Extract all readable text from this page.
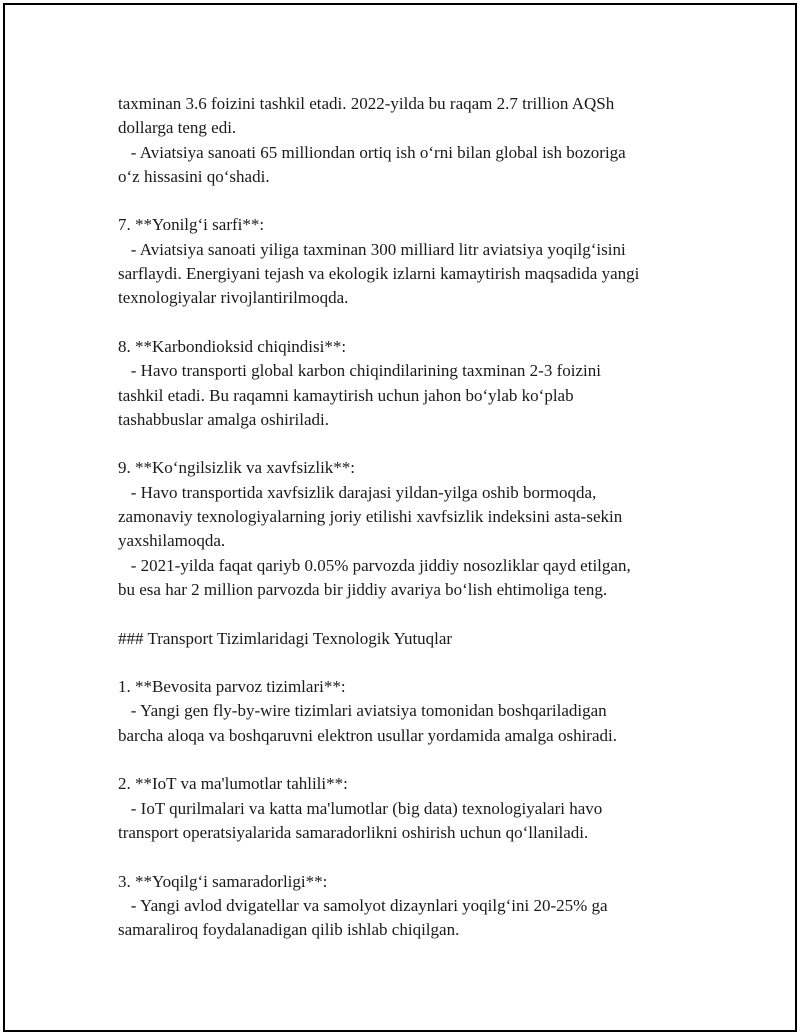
taxminan 3.6 foizini tashkil etadi. 2022-yilda bu raqam 2.7 trillion AQSh

dollarga teng edi.

- Aviatsiya sanoati 65 milliondan ortiq ish oʻrni bilan global ish bozoriga

oʻz hissasini qoʻshadi.

7. **Yonilgʻi sarfi**:

- Aviatsiya sanoati yiliga taxminan 300 milliard litr aviatsiya yoqilgʻisini

sarflaydi. Energiyani tejash va ekologik izlarni kamaytirish maqsadida yangi

texnologiyalar rivojlantirilmoqda.

8. **Karbondioksid chiqindisi**:

- Havo transporti global karbon chiqindilarining taxminan 2-3 foizini

tashkil etadi. Bu raqamni kamaytirish uchun jahon boʻylab koʻplab

tashabbuslar amalga oshiriladi.

9. **Koʻngilsizlik va xavfsizlik**:

- Havo transportida xavfsizlik darajasi yildan-yilga oshib bormoqda,

zamonaviy texnologiyalarning joriy etilishi xavfsizlik indeksini asta-sekin

yaxshilamoqda.

- 2021-yilda faqat qariyb 0.05% parvozda jiddiy nosozliklar qayd etilgan,

bu esa har 2 million parvozda bir jiddiy avariya boʻlish ehtimoliga teng.

### Transport Tizimlaridagi Texnologik Yutuqlar

1. **Bevosita parvoz tizimlari**:

- Yangi gen fly-by-wire tizimlari aviatsiya tomonidan boshqariladigan

barcha aloqa va boshqaruvni elektron usullar yordamida amalga oshiradi.

2. **IoT va ma'lumotlar tahlili**:

- IoT qurilmalari va katta ma'lumotlar (big data) texnologiyalari havo

transport operatsiyalarida samaradorlikni oshirish uchun qoʻllaniladi.

3. **Yoqilgʻi samaradorligi**:

- Yangi avlod dvigatellar va samolyot dizaynlari yoqilgʻini 20-25% ga

samaraliroq foydalanadigan qilib ishlab chiqilgan.
